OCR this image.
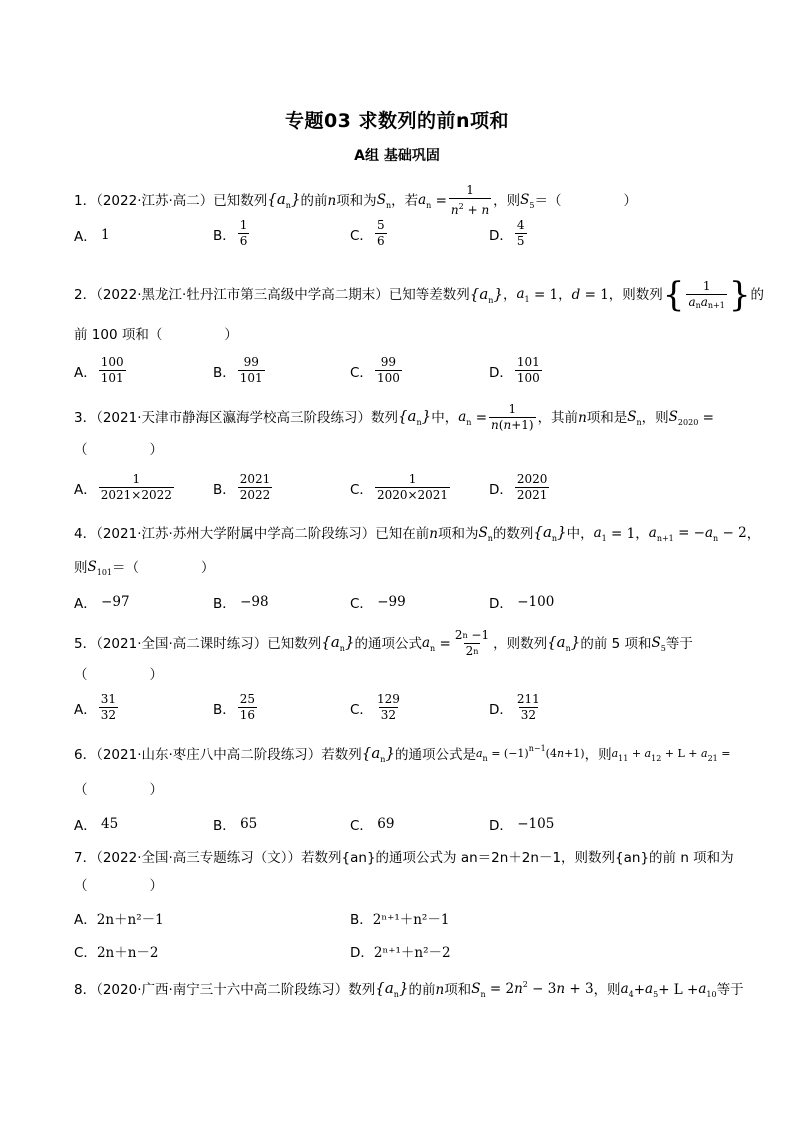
专题03 求数列的前n项和
A组 基础巩固
1．（2022·江苏·高二）已知数列 $\{a_n\}$ 的前 n 项和为 $S_n$ ，若 $a_n$
= $\frac{1}{n^2 + n}$ ，则 $S_5$ ＝（	）
A．
1	B． $\frac{1}{6}$	C． $\frac{5}{6}$	D． $\frac{4}{5}$
2．（2022·黑龙江·牡丹江市第三高级中学高二期末）已知等差数列 $\{a_n\}$ ， $a_1$
= 1 ， d
= 1 ，则数列 { $\frac{1}{\text{anan+1}}$ } 的
前 100 项和（	）
A． $\frac{100}{101}$	B． $\frac{99}{101}$	C． $\frac{99}{100}$	D． $\frac{101}{100}$
3．（2021·天津市静海区瀛海学校高三阶段练习）数列 $\{a_n\}$ 中， $a_n$
= $\frac{1}{n(n+1)}$ ，其前 n 项和是 $S_n$ ，则 $S_{2020}$
=
（	）
A． $\frac{1}{2021\times 2022}$	B． $\frac{2021}{2022}$	C． $\frac{1}{2020\times 2021}$	D． $\frac{2020}{2021}$
4．（2021·江苏·苏州大学附属中学高二阶段练习）已知在前 n 项和为 $S_n$ 的数列 $\{a_n\}$ 中， $a_1$
= 1 ， $a_{n+1}$
= $-a_n - 2$ ，
则 $S_{101}$ ＝（	）
A．
−97	B．
−98	C．
−99	D．
−100
5．（2021·全国·高二课时练习）已知数列 $\{a_n\}$ 的通项公式 $a_n$
= $\frac{2^n -1}{2^n}$ ，则数列 $\{a_n\}$ 的前 5 项和 $S_5$ 等于
（	）
A． $\frac{31}{32}$	B． $\frac{25}{16}$	C． $\frac{129}{32}$	D． $\frac{211}{32}$
6．（2021·山东·枣庄八中高二阶段练习）若数列 $\{a_n\}$ 的通项公式是 $a_n = (-1)^{n-1}(4n+1)$ ，则 $a_{11} + a_{12} + L + a_{21}$ =
（	）
A．
45	B．
65	C．
69	D．
−105
7．（2022·全国·高三专题练习（文））若数列{an}的通项公式为 an＝2n＋2n－1，则数列{an}的前 n 项和为
（	）
A． 2n＋n²－1	B． 2ⁿ⁺¹＋n²－1
C． 2n＋n－2	D． 2ⁿ⁺¹＋n²－2
8．（2020·广西·南宁三十六中高二阶段练习）数列 $\{a_n\}$ 的前 n 项和 $S_n$
= $2n^2 - 3n + 3$ ，则 $a_4 + a_5 + L + a_{10}$ 等于
